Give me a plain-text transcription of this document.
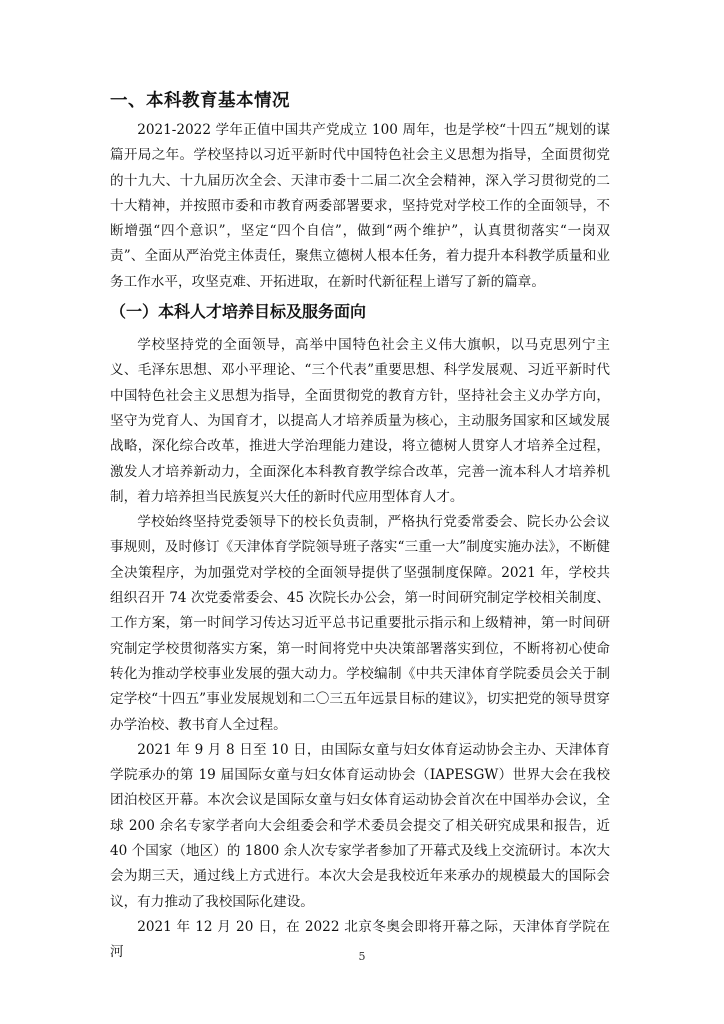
一、本科教育基本情况

2021-2022 学年正值中国共产党成立 100 周年，也是学校“十四五”规划的谋篇开局之年。学校坚持以习近平新时代中国特色社会主义思想为指导，全面贯彻党的十九大、十九届历次全会、天津市委十二届二次全会精神，深入学习贯彻党的二十大精神，并按照市委和市教育两委部署要求，坚持党对学校工作的全面领导，不断增强“四个意识”，坚定“四个自信”，做到“两个维护”，认真贯彻落实“一岗双责”、全面从严治党主体责任，聚焦立德树人根本任务，着力提升本科教学质量和业务工作水平，攻坚克难、开拓进取，在新时代新征程上谱写了新的篇章。

（一）本科人才培养目标及服务面向

学校坚持党的全面领导，高举中国特色社会主义伟大旗帜，以马克思列宁主义、毛泽东思想、邓小平理论、“三个代表”重要思想、科学发展观、习近平新时代中国特色社会主义思想为指导，全面贯彻党的教育方针，坚持社会主义办学方向，坚守为党育人、为国育才，以提高人才培养质量为核心，主动服务国家和区域发展战略，深化综合改革，推进大学治理能力建设，将立德树人贯穿人才培养全过程，激发人才培养新动力，全面深化本科教育教学综合改革，完善一流本科人才培养机制，着力培养担当民族复兴大任的新时代应用型体育人才。

学校始终坚持党委领导下的校长负责制，严格执行党委常委会、院长办公会议事规则，及时修订《天津体育学院领导班子落实“三重一大”制度实施办法》，不断健全决策程序，为加强党对学校的全面领导提供了坚强制度保障。2021 年，学校共组织召开 74 次党委常委会、45 次院长办公会，第一时间研究制定学校相关制度、工作方案，第一时间学习传达习近平总书记重要批示指示和上级精神，第一时间研究制定学校贯彻落实方案，第一时间将党中央决策部署落实到位，不断将初心使命转化为推动学校事业发展的强大动力。学校编制《中共天津体育学院委员会关于制定学校“十四五”事业发展规划和二〇三五年远景目标的建议》，切实把党的领导贯穿办学治校、教书育人全过程。

2021 年 9 月 8 日至 10 日，由国际女童与妇女体育运动协会主办、天津体育学院承办的第 19 届国际女童与妇女体育运动协会（IAPESGW）世界大会在我校团泊校区开幕。本次会议是国际女童与妇女体育运动协会首次在中国举办会议，全球 200 余名专家学者向大会组委会和学术委员会提交了相关研究成果和报告，近 40 个国家（地区）的 1800 余人次专家学者参加了开幕式及线上交流研讨。本次大会为期三天，通过线上方式进行。本次大会是我校近年来承办的规模最大的国际会议，有力推动了我校国际化建设。

2021 年 12 月 20 日，在 2022 北京冬奥会即将开幕之际，天津体育学院在河	5
